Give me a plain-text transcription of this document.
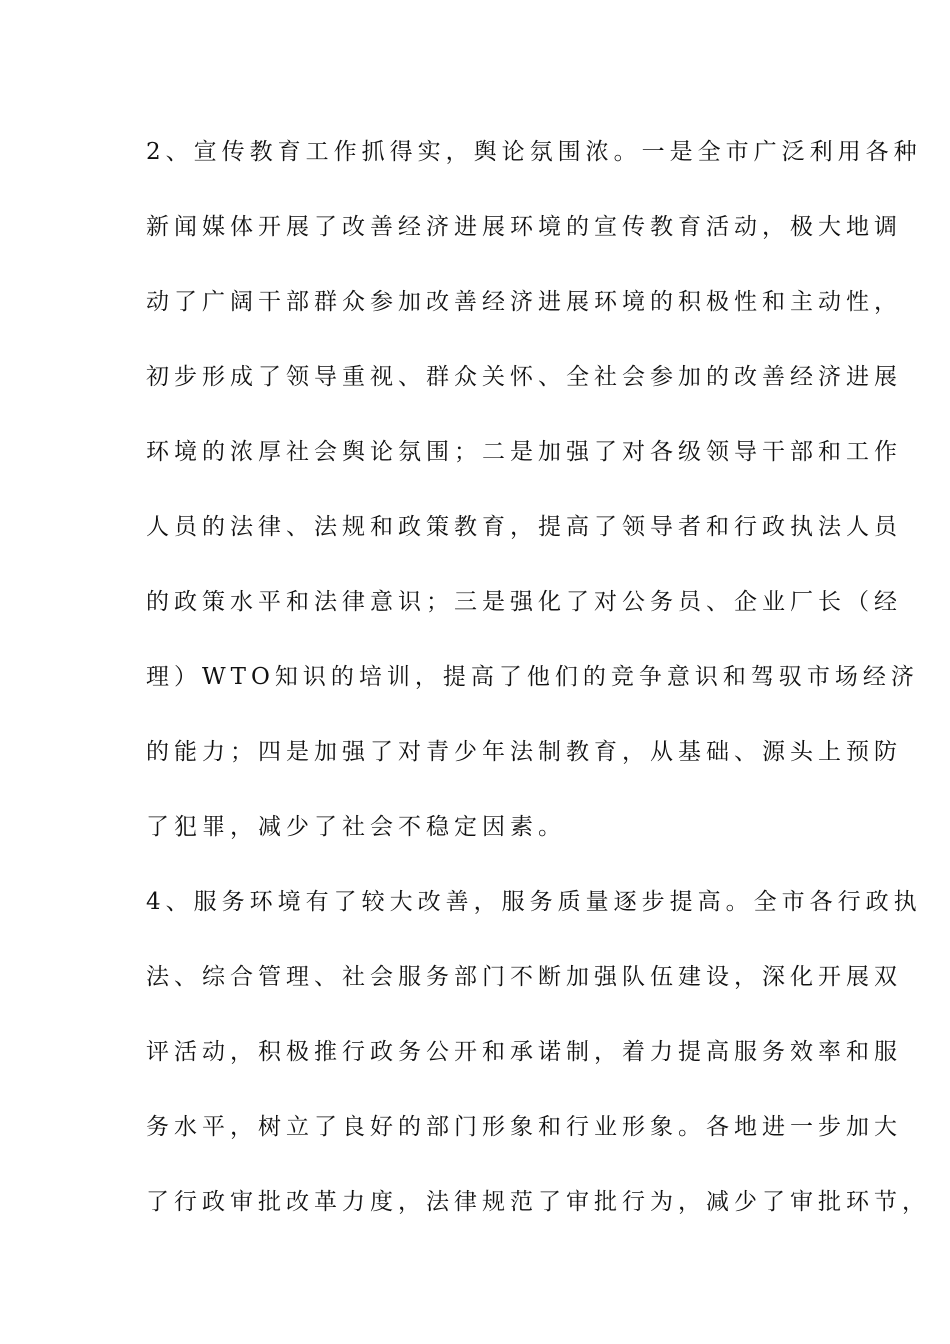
2、宣传教育工作抓得实，舆论氛围浓。一是全市广泛利用各种
新闻媒体开展了改善经济进展环境的宣传教育活动，极大地调
动了广阔干部群众参加改善经济进展环境的积极性和主动性，
初步形成了领导重视、群众关怀、全社会参加的改善经济进展
环境的浓厚社会舆论氛围；二是加强了对各级领导干部和工作
人员的法律、法规和政策教育，提高了领导者和行政执法人员
的政策水平和法律意识；三是强化了对公务员、企业厂长（经
理）WTO知识的培训，提高了他们的竞争意识和驾驭市场经济
的能力；四是加强了对青少年法制教育，从基础、源头上预防
了犯罪，减少了社会不稳定因素。
4、服务环境有了较大改善，服务质量逐步提高。全市各行政执
法、综合管理、社会服务部门不断加强队伍建设，深化开展双
评活动，积极推行政务公开和承诺制，着力提高服务效率和服
务水平，树立了良好的部门形象和行业形象。各地进一步加大
了行政审批改革力度，法律规范了审批行为，减少了审批环节，
